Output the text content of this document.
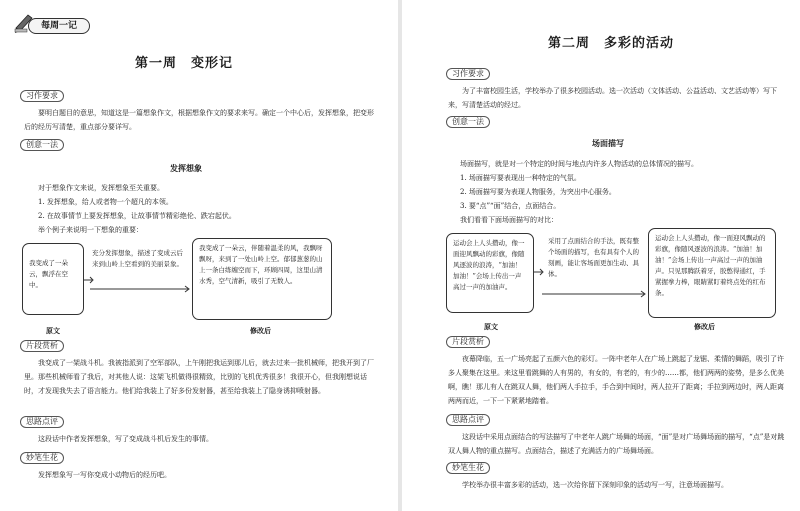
每周一记
第一周　变形记
习作要求
要明白题目的意思，知道这是一篇想象作文，根据想象作文的要求来写。确定一个中心后，发挥想象，把变形后的经历写清楚，重点部分要详写。
创意一法
发挥想象
对于想象作文来说，发挥想象至关重要。
1. 发挥想象，给人或者物一个超凡的本领。
2. 在故事情节上要发挥想象，让故事情节精彩绝伦、跌宕起伏。
举个例子来说明一下想象的重要：
我变成了一朵云，飘浮在空中。
充分发挥想象，描述了变成云后来到山岭上空看到的美丽景象。
我变成了一朵云，伴随着温柔的风，我飘呀飘呀，来到了一处山岭上空。郁郁葱葱的山上一条白练缠空而下，环顾四周，这里山清水秀，空气清新，吸引了无数人。
原文	修改后
片段赏析
我变成了一架战斗机。我被指派到了空军部队，上午刚把我运到那儿后，就去过来一批机械师，把我开到了厂里。那些机械师看了我后，对其他人说：这架飞机做得很精致，比别的飞机优秀很多！我很开心，但我刚想说话时，才发现我失去了语言能力。他们给我装上了好多份发射器，甚至给我装上了隐身诱抑喷射器。
思路点评
这段话中作者发挥想象，写了变成战斗机后发生的事情。
妙笔生花
发挥想象写一写你变成小动物后的经历吧。
第二周　多彩的活动
习作要求
为了丰富校园生活，学校举办了很多校园活动。选一次活动（文体活动、公益活动、文艺活动等）写下来，写清楚活动的经过。
创意一法
场面描写
场面描写，就是对一个特定的时间与地点内许多人物活动的总体情况的描写。
1. 场面描写要表现出一种特定的气氛。
2. 场面描写要为表现人物服务，为突出中心服务。
3. 要“点”“面”结合，点面结合。
我们看看下面场面描写的对比：
运动会上人头攒动，像一面迎风飘动的彩旗，像随风逐波的浪涛，“加油！加油！”会场上传出一声高过一声的加油声。
采用了点面结合的手法，既有整个场面的描写，也有具有个人的刻画，能让客场面更加生动、具体。
运动会上人头攒动，像一面迎风飘动的彩旗，像随风逐波的浪涛。“加油！加油！”会场上传出一声高过一声的加油声。只见那腾跃着牙，胶憋得通红，手紧握拳力棒，眼睛紧盯着终点处的红布条。
原文	修改后
片段赏析
夜幕降临，五一广场亮起了五颜六色的彩灯。一阵中老年人在广场上跳起了龙锯、柔情的舞蹈，吸引了许多人聚集在这里。来这里看跳舞的人有男的，有女的，有老的，有少的……都，他们两两的姿势，是多么优美啊，瞧！那儿有人在跳双人舞，他们两人手拉手，手合到中间时，两人拉开了距离；手拉到两边时，两人距离两两而近，一下一下紧紧地踏着。
思路点评
这段话中采用点面结合的写法描写了中老年人跳广场舞的场面，“面”是对广场舞场面的描写，“点”是对跳双人舞人物的重点描写。点面结合，描述了充满活力的广场舞场面。
妙笔生花
学校举办很丰富多彩的活动，选一次给你留下深刻印象的活动写一写，注意场面描写。
